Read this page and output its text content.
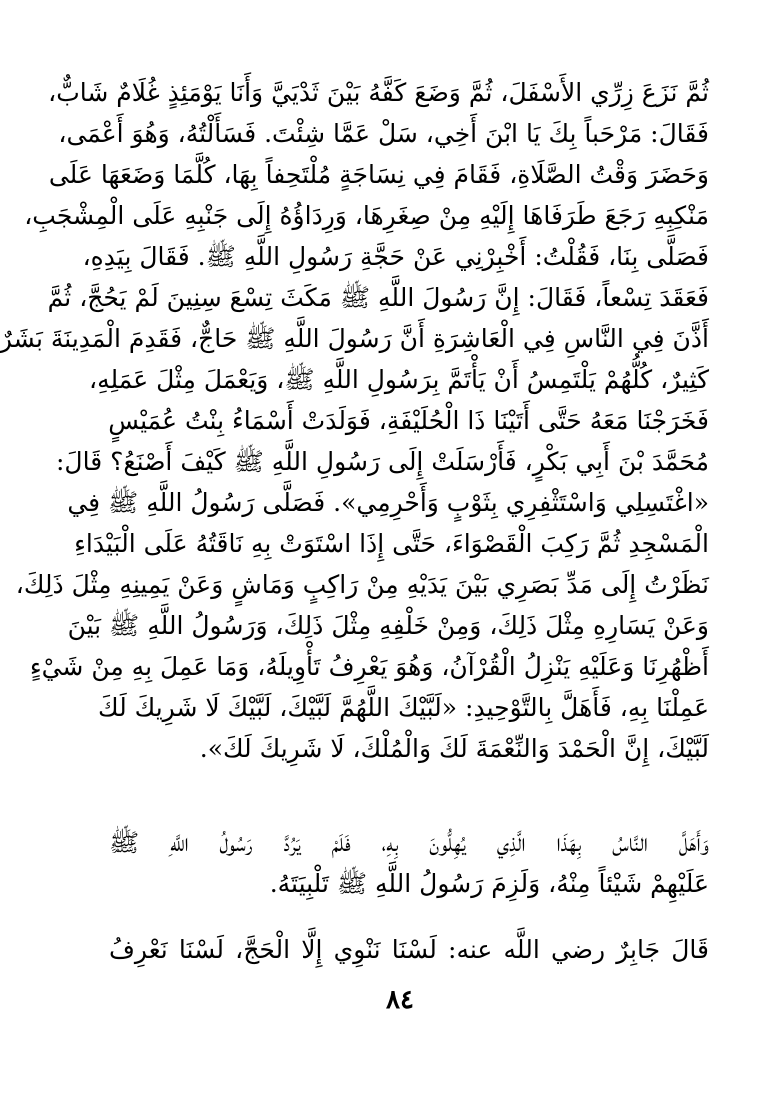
ثُمَّ نَزَعَ زِرِّي الأَسْفَلَ، ثُمَّ وَضَعَ كَفَّهُ بَيْنَ ثَدْيَيَّ وَأَنَا يَوْمَئِذٍ غُلَامٌ شَابٌّ،
فَقَالَ: مَرْحَباً بِكَ يَا ابْنَ أَخِي، سَلْ عَمَّا شِئْتَ. فَسَأَلْتُهُ، وَهُوَ أَعْمَى،
وَحَضَرَ وَقْتُ الصَّلَاةِ، فَقَامَ فِي نِسَاجَةٍ مُلْتَحِفاً بِهَا، كُلَّمَا وَضَعَهَا عَلَى
مَنْكِبِهِ رَجَعَ طَرَفَاهَا إِلَيْهِ مِنْ صِغَرِهَا، وَرِدَاؤُهُ إِلَى جَنْبِهِ عَلَى الْمِشْجَبِ،
فَصَلَّى بِنَا، فَقُلْتُ: أَخْبِرْنِي عَنْ حَجَّةِ رَسُولِ اللَّهِ ﷺ. فَقَالَ بِيَدِهِ،
فَعَقَدَ تِسْعاً، فَقَالَ: إِنَّ رَسُولَ اللَّهِ ﷺ مَكَثَ تِسْعَ سِنِينَ لَمْ يَحُجَّ، ثُمَّ
أَذَّنَ فِي النَّاسِ فِي الْعَاشِرَةِ أَنَّ رَسُولَ اللَّهِ ﷺ حَاجٌّ، فَقَدِمَ الْمَدِينَةَ بَشَرٌ
كَثِيرٌ، كُلُّهُمْ يَلْتَمِسُ أَنْ يَأْتَمَّ بِرَسُولِ اللَّهِ ﷺ، وَيَعْمَلَ مِثْلَ عَمَلِهِ،
فَخَرَجْنَا مَعَهُ حَتَّى أَتَيْنَا ذَا الْحُلَيْفَةِ، فَوَلَدَتْ أَسْمَاءُ بِنْتُ عُمَيْسٍ
مُحَمَّدَ بْنَ أَبِي بَكْرٍ، فَأَرْسَلَتْ إِلَى رَسُولِ اللَّهِ ﷺ كَيْفَ أَصْنَعُ؟ قَالَ:
«اغْتَسِلِي وَاسْتَثْفِرِي بِثَوْبٍ وَأَحْرِمِي». فَصَلَّى رَسُولُ اللَّهِ ﷺ فِي
الْمَسْجِدِ ثُمَّ رَكِبَ الْقَصْوَاءَ، حَتَّى إِذَا اسْتَوَتْ بِهِ نَاقَتُهُ عَلَى الْبَيْدَاءِ
نَظَرْتُ إِلَى مَدِّ بَصَرِي بَيْنَ يَدَيْهِ مِنْ رَاكِبٍ وَمَاشٍ وَعَنْ يَمِينِهِ مِثْلَ ذَلِكَ،
وَعَنْ يَسَارِهِ مِثْلَ ذَلِكَ، وَمِنْ خَلْفِهِ مِثْلَ ذَلِكَ، وَرَسُولُ اللَّهِ ﷺ بَيْنَ
أَظْهُرِنَا وَعَلَيْهِ يَنْزِلُ الْقُرْآنُ، وَهُوَ يَعْرِفُ تَأْوِيلَهُ، وَمَا عَمِلَ بِهِ مِنْ شَيْءٍ
عَمِلْنَا بِهِ، فَأَهَلَّ بِالتَّوْحِيدِ: «لَبَّيْكَ اللَّهُمَّ لَبَّيْكَ، لَبَّيْكَ لَا شَرِيكَ لَكَ
لَبَّيْكَ، إِنَّ الْحَمْدَ وَالنِّعْمَةَ لَكَ وَالْمُلْكَ، لَا شَرِيكَ لَكَ».
وَأَهَلَّ النَّاسُ بِهَذَا الَّذِي يُهِلُّونَ بِهِ، فَلَمْ يَرُدَّ رَسُولُ اللَّهِ ﷺ
عَلَيْهِمْ شَيْئاً مِنْهُ، وَلَزِمَ رَسُولُ اللَّهِ ﷺ تَلْبِيَتَهُ.
قَالَ جَابِرٌ رضي اللَّه عنه: لَسْنَا نَنْوِي إِلَّا الْحَجَّ، لَسْنَا نَعْرِفُ
٨٤
